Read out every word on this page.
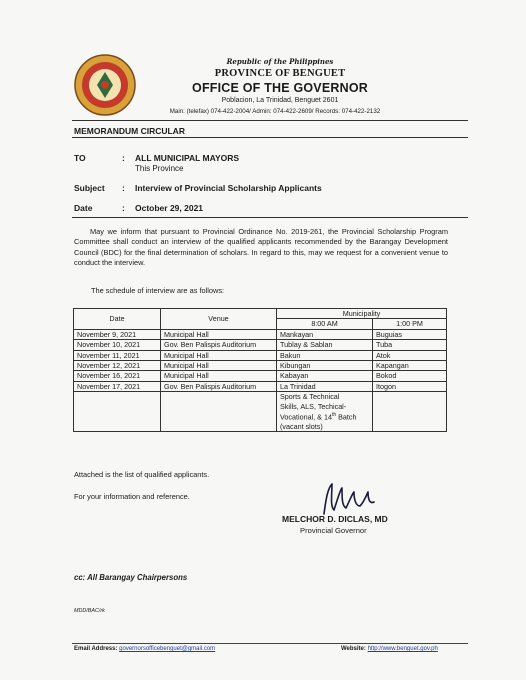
Republic of the Philippines
PROVINCE OF BENGUET
OFFICE OF THE GOVERNOR
Poblacion, La Trinidad, Benguet 2601
Main: (telefax) 074-422-2004/ Admin: 074-422-2609/ Records: 074-422-2132
MEMORANDUM CIRCULAR
TO	: ALL MUNICIPAL MAYORS
This Province
Subject : Interview of Provincial Scholarship Applicants
Date	: October 29, 2021
May we inform that pursuant to Provincial Ordinance No. 2019-261, the Provincial Scholarship Program Committee shall conduct an interview of the qualified applicants recommended by the Barangay Development Council (BDC) for the final determination of scholars. In regard to this, may we request for a convenient venue to conduct the interview.
The schedule of interview are as follows:
Date	Venue	Municipality	
		8:00 AM	1:00 PM
November 9, 2021	Municipal Hall	Mankayan	Buguias
November 10, 2021	Gov. Ben Palispis Auditorium	Tublay & Sablan	Tuba
November 11, 2021	Municipal Hall	Bakun	Atok
November 12, 2021	Municipal Hall	Kibungan	Kapangan
November 16, 2021	Municipal Hall	Kabayan	Bokod
November 17, 2021	Gov. Ben Palispis Auditorium	La Trinidad	Itogon

		Sports & Technical
Skills, ALS, Techical-
Vocational, & 14th Batch
(vacant slots)	

Attached is the list of qualified applicants.
For your information and reference.
MELCHOR D. DICLAS, MD
Provincial Governor
cc: All Barangay Chairpersons
MDD/BAC/rk
Email Address: governorsofficebenguet@gmail.com	Website: http://www.benguet.gov.ph
